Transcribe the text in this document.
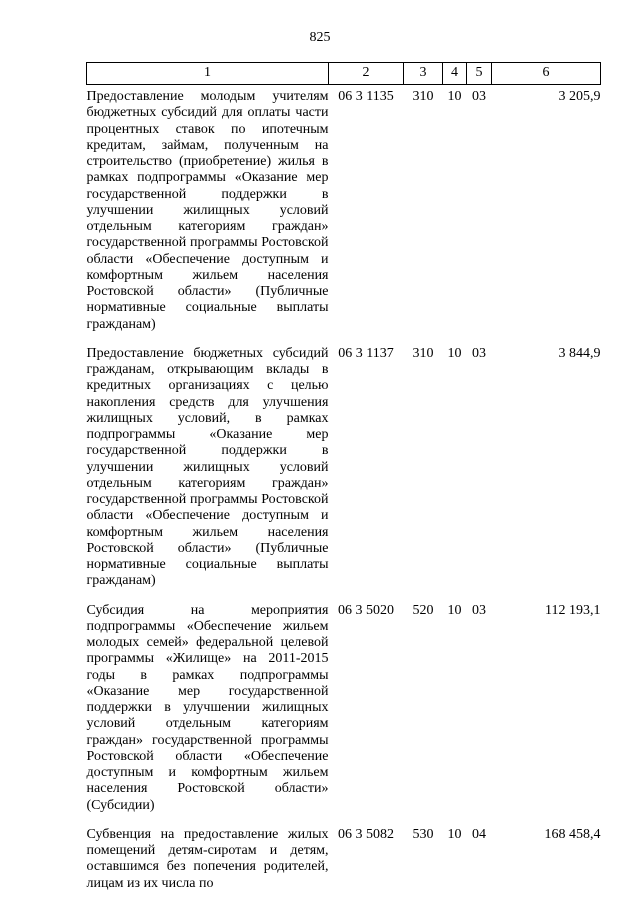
825
1	2	3	4	5	6
Предоставление молодым учителям бюджетных субсидий для оплаты части процентных ставок по ипотечным кредитам, займам, полученным на строительство (приобретение) жилья в рамках подпрограммы «Оказание мер государственной поддержки в улучшении жилищных условий отдельным категориям граждан» государственной программы Ростовской области «Обеспечение доступным и комфортным жильем населения Ростовской области» (Публичные нормативные социальные выплаты гражданам)	06 3 1135	310	10	03	3 205,9
Предоставление бюджетных субсидий гражданам, открывающим вклады в кредитных организациях с целью накопления средств для улучшения жилищных условий, в рамках подпрограммы «Оказание мер государственной поддержки в улучшении жилищных условий отдельным категориям граждан» государственной программы Ростовской области «Обеспечение доступным и комфортным жильем населения Ростовской области» (Публичные нормативные социальные выплаты гражданам)	06 3 1137	310	10	03	3 844,9
Субсидия на мероприятия подпрограммы «Обеспечение жильем молодых семей» федеральной целевой программы «Жилище» на 2011-2015 годы в рамках подпрограммы «Оказание мер государственной поддержки в улучшении жилищных условий отдельным категориям граждан» государственной программы Ростовской области «Обеспечение доступным и комфортным жильем населения Ростовской области» (Субсидии)	06 3 5020	520	10	03	112 193,1
Субвенция на предоставление жилых помещений детям-сиротам и детям, оставшимся без попечения родителей, лицам из их числа по	06 3 5082	530	10	04	168 458,4
